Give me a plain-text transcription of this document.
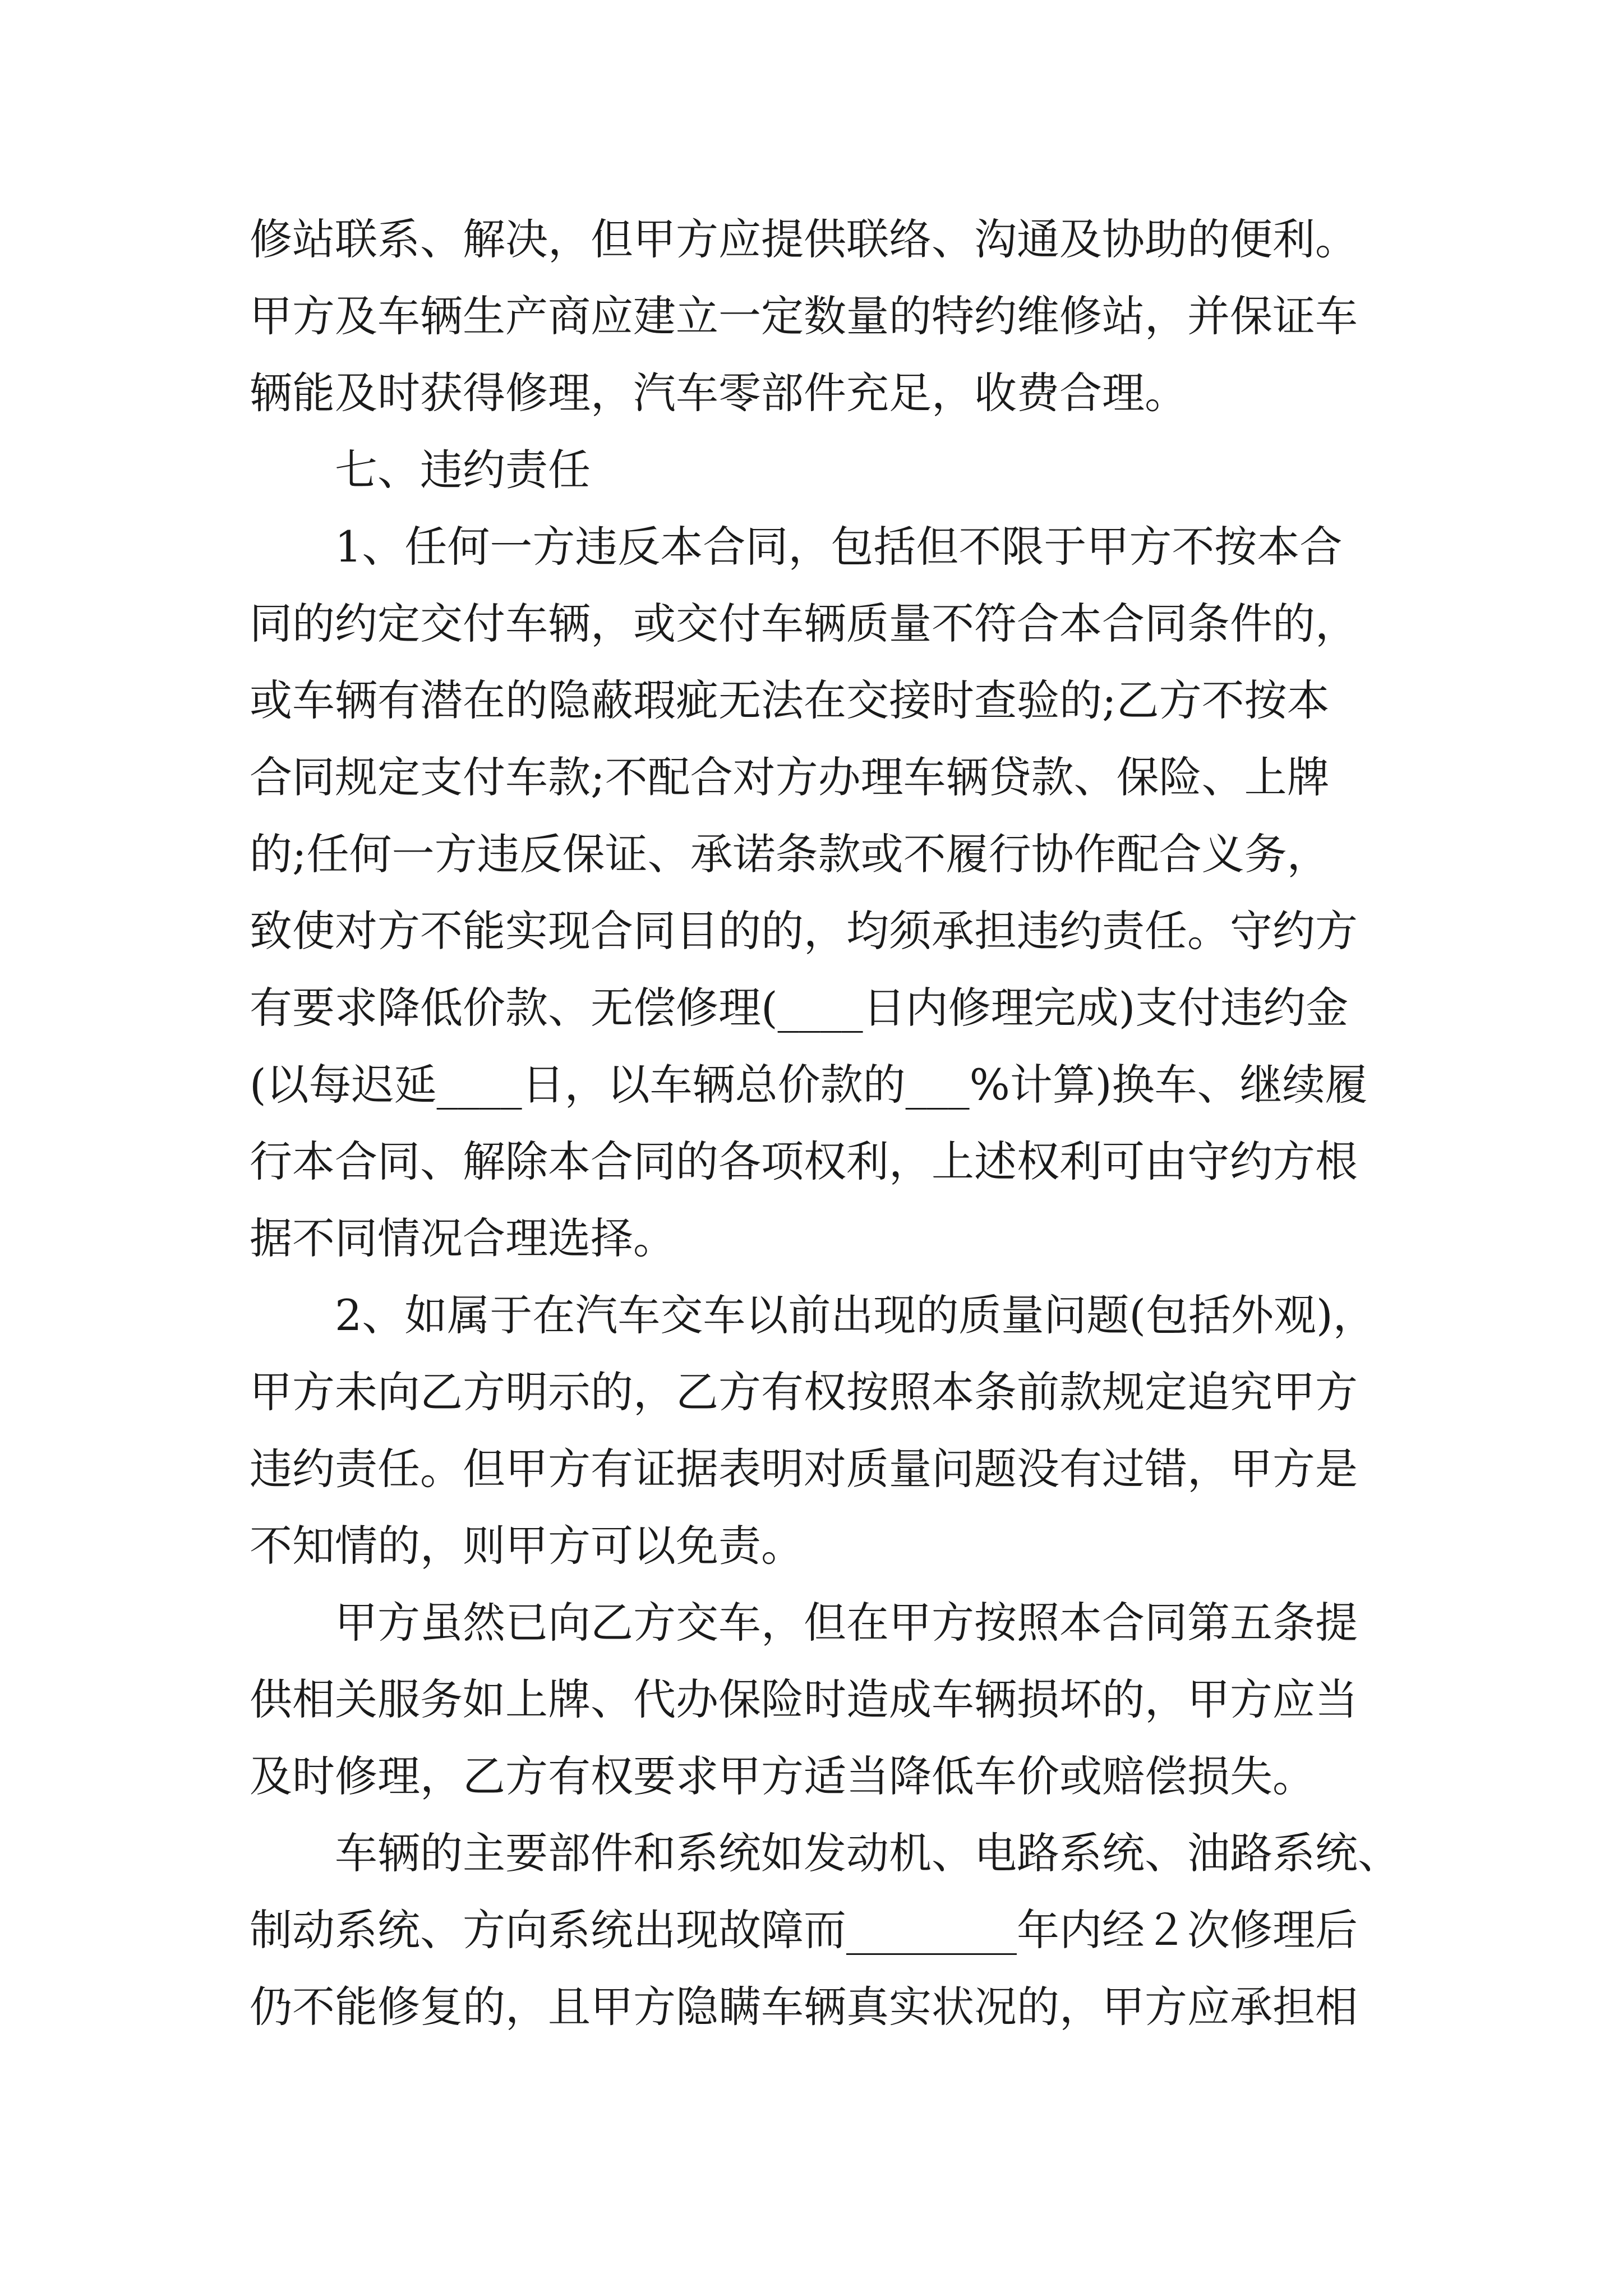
修站联系、解决，但甲方应提供联络、沟通及协助的便利。
甲方及车辆生产商应建立一定数量的特约维修站，并保证车
辆能及时获得修理，汽车零部件充足，收费合理。
七、违约责任
1、任何一方违反本合同，包括但不限于甲方不按本合
同的约定交付车辆，或交付车辆质量不符合本合同条件的，
或车辆有潜在的隐蔽瑕疵无法在交接时查验的;乙方不按本
合同规定支付车款;不配合对方办理车辆贷款、保险、上牌
的;任何一方违反保证、承诺条款或不履行协作配合义务，
致使对方不能实现合同目的的，均须承担违约责任。守约方
有要求降低价款、无偿修理(____日内修理完成)支付违约金
(以每迟延____日，以车辆总价款的___%计算)换车、继续履
行本合同、解除本合同的各项权利，上述权利可由守约方根
据不同情况合理选择。
2、如属于在汽车交车以前出现的质量问题(包括外观)，
甲方未向乙方明示的，乙方有权按照本条前款规定追究甲方
违约责任。但甲方有证据表明对质量问题没有过错，甲方是
不知情的，则甲方可以免责。
甲方虽然已向乙方交车，但在甲方按照本合同第五条提
供相关服务如上牌、代办保险时造成车辆损坏的，甲方应当
及时修理，乙方有权要求甲方适当降低车价或赔偿损失。
车辆的主要部件和系统如发动机、电路系统、油路系统、
制动系统、方向系统出现故障而________年内经２次修理后
仍不能修复的，且甲方隐瞒车辆真实状况的，甲方应承担相
